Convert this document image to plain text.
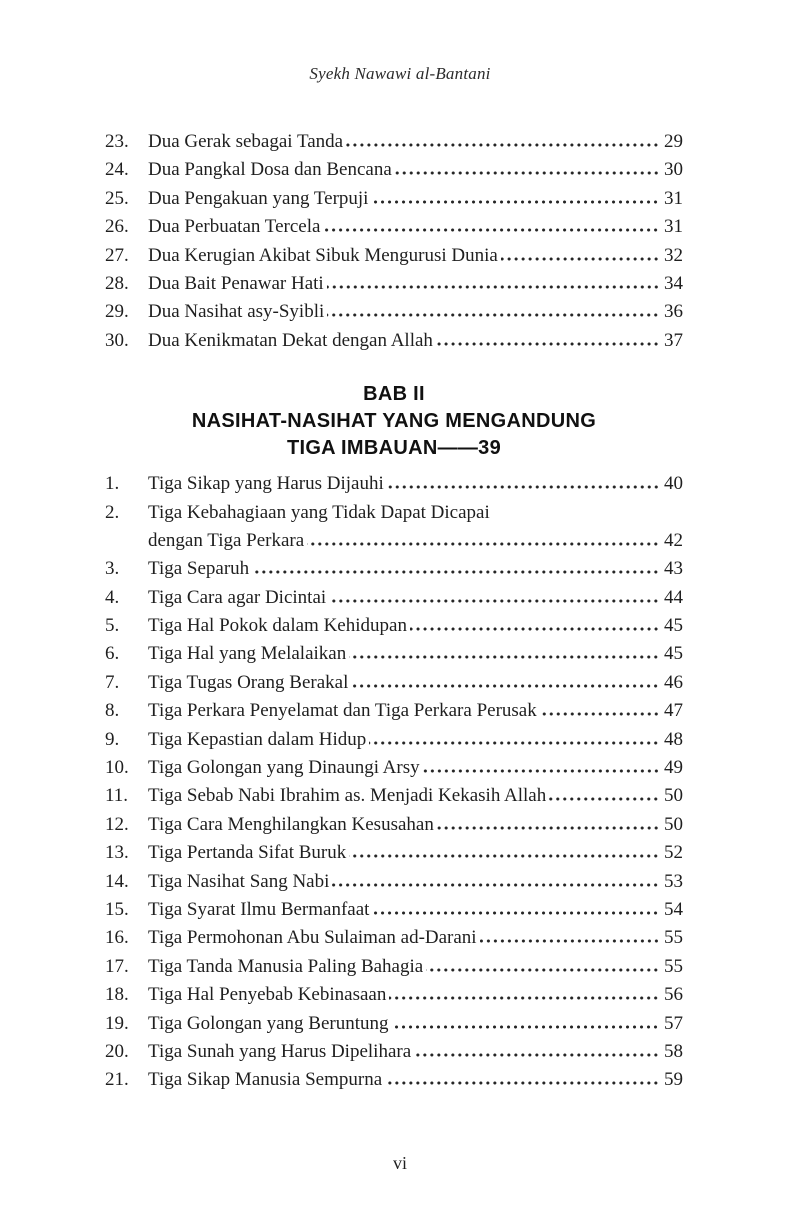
Syekh Nawawi al-Bantani
23.	Dua Gerak sebagai Tanda	29
24.	Dua Pangkal Dosa dan Bencana	30
25.	Dua Pengakuan yang Terpuji	31
26.	Dua Perbuatan Tercela	31
27.	Dua Kerugian Akibat Sibuk Mengurusi Dunia	32
28.	Dua Bait Penawar Hati	34
29.	Dua Nasihat asy-Syibli	36
30.	Dua Kenikmatan Dekat dengan Allah	37
BAB II
NASIHAT-NASIHAT YANG MENGANDUNG
TIGA IMBAUAN——39
1.	Tiga Sikap yang Harus Dijauhi	40
2.	Tiga Kebahagiaan yang Tidak Dapat Dicapai
dengan Tiga Perkara	42
3.	Tiga Separuh	43
4.	Tiga Cara agar Dicintai	44
5.	Tiga Hal Pokok dalam Kehidupan	45
6.	Tiga Hal yang Melalaikan	45
7.	Tiga Tugas Orang Berakal	46
8.	Tiga Perkara Penyelamat dan Tiga Perkara Perusak	47
9.	Tiga Kepastian dalam Hidup	48
10.	Tiga Golongan yang Dinaungi Arsy	49
11.	Tiga Sebab Nabi Ibrahim as. Menjadi Kekasih Allah	50
12.	Tiga Cara Menghilangkan Kesusahan	50
13.	Tiga Pertanda Sifat Buruk	52
14.	Tiga Nasihat Sang Nabi	53
15.	Tiga Syarat Ilmu Bermanfaat	54
16.	Tiga Permohonan Abu Sulaiman ad-Darani	55
17.	Tiga Tanda Manusia Paling Bahagia	55
18.	Tiga Hal Penyebab Kebinasaan	56
19.	Tiga Golongan yang Beruntung	57
20.	Tiga Sunah yang Harus Dipelihara	58
21.	Tiga Sikap Manusia Sempurna	59
vi
